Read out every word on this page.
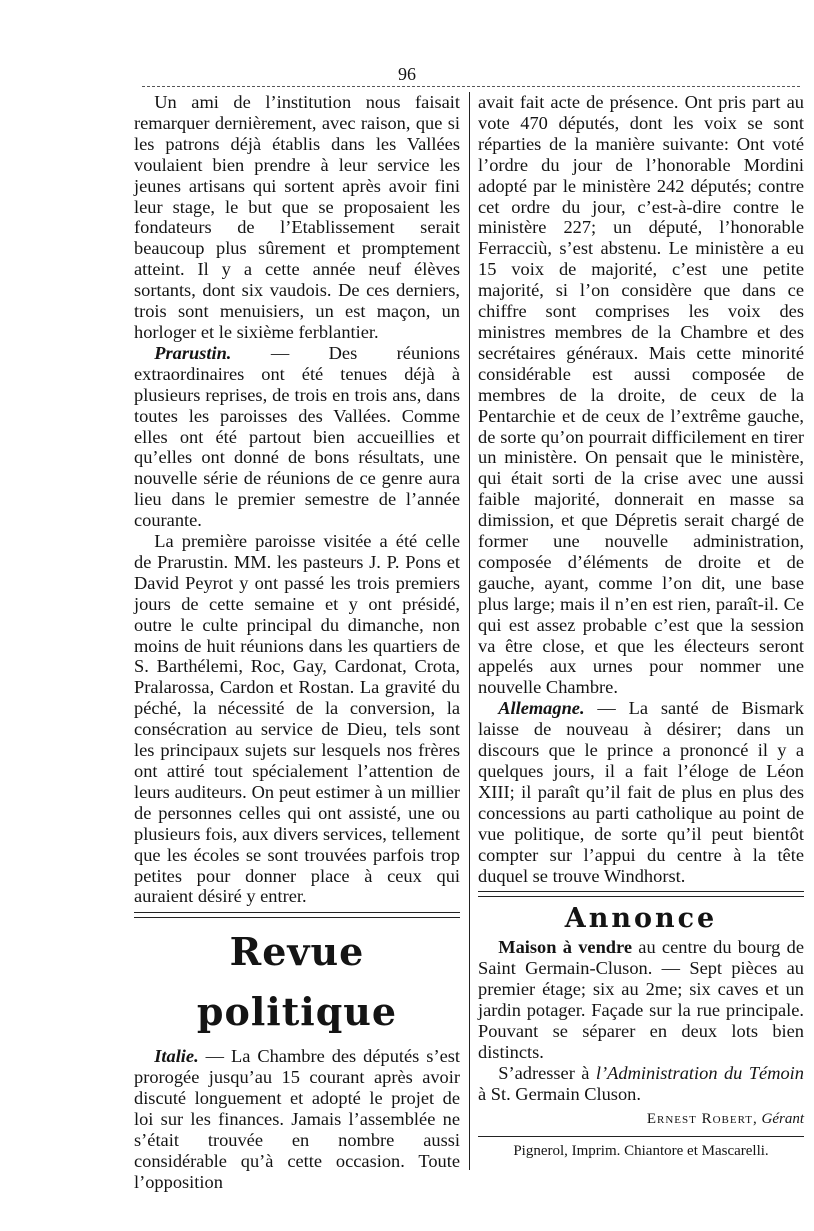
96

Un ami de l’institution nous faisait remarquer dernièrement, avec raison, que si les patrons déjà établis dans les Vallées voulaient bien prendre à leur service les jeunes artisans qui sortent après avoir fini leur stage, le but que se proposaient les fondateurs de l’Etablissement serait beaucoup plus sûrement et promptement atteint. Il y a cette année neuf élèves sortants, dont six vaudois. De ces derniers, trois sont menuisiers, un est maçon, un horloger et le sixième ferblantier.

Prarustin. — Des réunions extraordinaires ont été tenues déjà à plusieurs reprises, de trois en trois ans, dans toutes les paroisses des Vallées. Comme elles ont été partout bien accueillies et qu’elles ont donné de bons résultats, une nouvelle série de réunions de ce genre aura lieu dans le premier semestre de l’année courante.

La première paroisse visitée a été celle de Prarustin. MM. les pasteurs J. P. Pons et David Peyrot y ont passé les trois premiers jours de cette semaine et y ont présidé, outre le culte principal du dimanche, non moins de huit réunions dans les quartiers de S. Barthélemi, Roc, Gay, Cardonat, Crota, Pralarossa, Cardon et Rostan. La gravité du péché, la nécessité de la conversion, la consécration au service de Dieu, tels sont les principaux sujets sur lesquels nos frères ont attiré tout spécialement l’attention de leurs auditeurs. On peut estimer à un millier de personnes celles qui ont assisté, une ou plusieurs fois, aux divers services, tellement que les écoles se sont trouvées parfois trop petites pour donner place à ceux qui auraient désiré y entrer.

Revue politique

Italie. — La Chambre des députés s’est prorogée jusqu’au 15 courant après avoir discuté longuement et adopté le projet de loi sur les finances. Jamais l’assemblée ne s’était trouvée en nombre aussi considérable qu’à cette occasion. Toute l’opposition

avait fait acte de présence. Ont pris part au vote 470 députés, dont les voix se sont réparties de la manière suivante: Ont voté l’ordre du jour de l’honorable Mordini adopté par le ministère 242 députés; contre cet ordre du jour, c’est-à-dire contre le ministère 227; un député, l’honorable Ferracciù, s’est abstenu. Le ministère a eu 15 voix de majorité, c’est une petite majorité, si l’on considère que dans ce chiffre sont comprises les voix des ministres membres de la Chambre et des secrétaires généraux. Mais cette minorité considérable est aussi composée de membres de la droite, de ceux de la Pentarchie et de ceux de l’extrême gauche, de sorte qu’on pourrait difficilement en tirer un ministère. On pensait que le ministère, qui était sorti de la crise avec une aussi faible majorité, donnerait en masse sa dimission, et que Dépretis serait chargé de former une nouvelle administration, composée d’éléments de droite et de gauche, ayant, comme l’on dit, une base plus large; mais il n’en est rien, paraît-il. Ce qui est assez probable c’est que la session va être close, et que les électeurs seront appelés aux urnes pour nommer une nouvelle Chambre.

Allemagne. — La santé de Bismark laisse de nouveau à désirer; dans un discours que le prince a prononcé il y a quelques jours, il a fait l’éloge de Léon XIII; il paraît qu’il fait de plus en plus des concessions au parti catholique au point de vue politique, de sorte qu’il peut bientôt compter sur l’appui du centre à la tête duquel se trouve Windhorst.

Annonce

Maison à vendre au centre du bourg de Saint Germain-Cluson. — Sept pièces au premier étage; six au 2me; six caves et un jardin potager. Façade sur la rue principale. Pouvant se séparer en deux lots bien distincts.

S’adresser à l’Administration du Témoin à St. Germain Cluson.

Ernest Robert, Gérant
Pignerol, Imprim. Chiantore et Mascarelli.
